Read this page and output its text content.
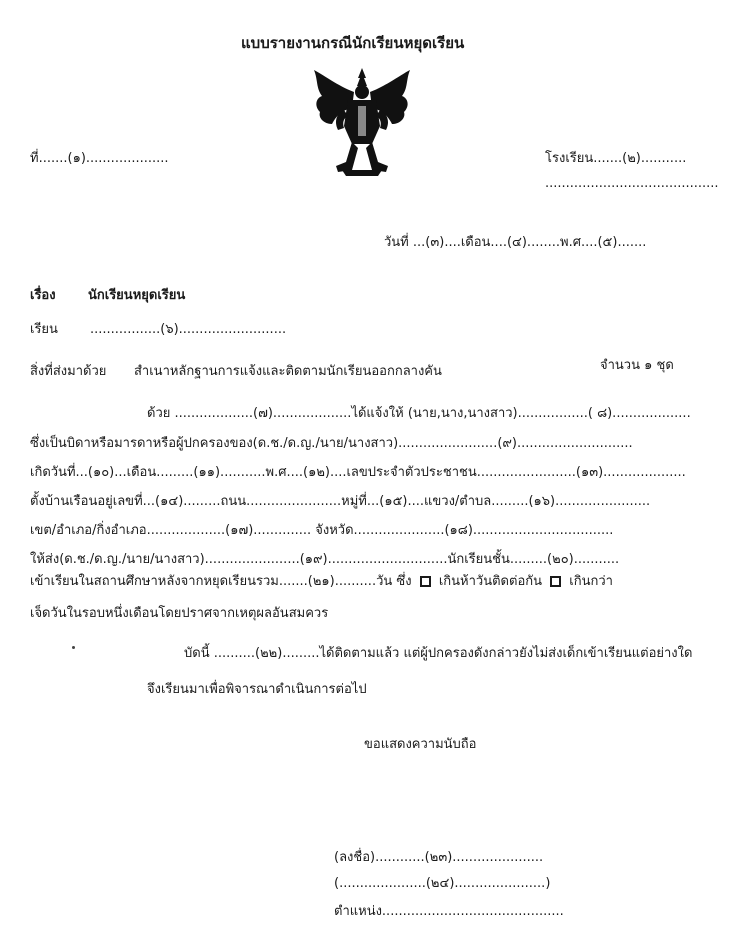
แบบรายงานกรณีนักเรียนหยุดเรียน
ที่.......(๑)....................	โรงเรียน.......(๒)...........
..........................................
วันที่ ...(๓)....เดือน....(๔)........พ.ศ....(๕).......
เรื่อง นักเรียนหยุดเรียน
เรียน .................(๖)..........................
สิ่งที่ส่งมาด้วย สำเนาหลักฐานการแจ้งและติดตามนักเรียนออกกลางคัน	จำนวน ๑ ชุด
ด้วย ...................(๗)...................ได้แจ้งให้ (นาย,นาง,นางสาว).................( ๘)...................
ซึ่งเป็นบิดาหรือมารดาหรือผู้ปกครองของ(ด.ช./ด.ญ./นาย/นางสาว)........................(๙)............................
เกิดวันที่...(๑๐)...เดือน.........(๑๑)...........พ.ศ....(๑๒)....เลขประจำตัวประชาชน........................(๑๓)....................
ตั้งบ้านเรือนอยู่เลขที่...(๑๔).........ถนน.......................หมู่ที่...(๑๕)....แขวง/ตำบล.........(๑๖).......................
เขต/อำเภอ/กิ่งอำเภอ...................(๑๗).............. จังหวัด......................(๑๘)..................................
ให้ส่ง(ด.ช./ด.ญ./นาย/นางสาว).......................(๑๙).............................นักเรียนชั้น.........(๒๐)...........
เข้าเรียนในสถานศึกษาหลังจากหยุดเรียนรวม.......(๒๑)..........วัน ซึ่ง เกินห้าวันติดต่อกัน เกินกว่า
เจ็ดวันในรอบหนึ่งเดือนโดยปราศจากเหตุผลอันสมควร
บัดนี้ ..........(๒๒).........ได้ติดตามแล้ว แต่ผู้ปกครองดังกล่าวยังไม่ส่งเด็กเข้าเรียนแต่อย่างใด
จึงเรียนมาเพื่อพิจารณาดำเนินการต่อไป
ขอแสดงความนับถือ
(ลงชื่อ)............(๒๓)......................
(.....................(๒๔)......................)
ตำแหน่ง............................................
